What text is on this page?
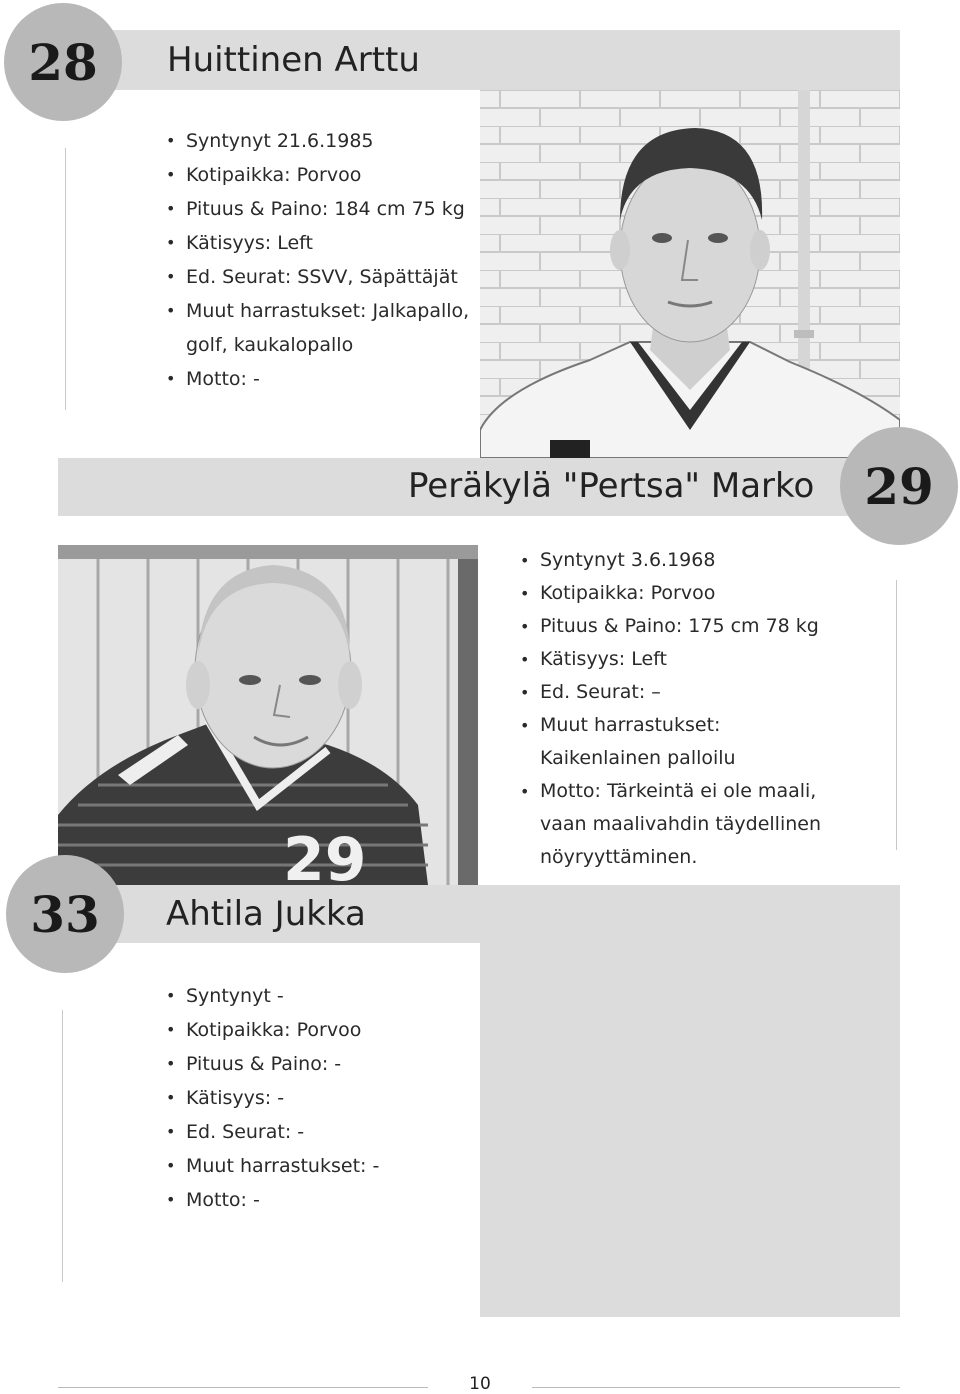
28 Huittinen Arttu
• Syntynyt 21.6.1985
• Kotipaikka: Porvoo
• Pituus & Paino: 184 cm 75 kg
• Kätisyys: Left
• Ed. Seurat: SSVV, Säpättäjät
• Muut harrastukset: Jalkapallo,
golf, kaukalopallo
• Motto: -
29
Peräkylä "Pertsa" Marko
• Syntynyt 3.6.1968
• Kotipaikka: Porvoo
• Pituus & Paino: 175 cm 78 kg
• Kätisyys: Left
• Ed. Seurat: –
• Muut harrastukset:
Kaikenlainen palloilu
• Motto: Tärkeintä ei ole maali,
vaan maalivahdin täydellinen
nöyryyttäminen.
29
33 Ahtila Jukka
• Syntynyt -
• Kotipaikka: Porvoo
• Pituus & Paino: -
• Kätisyys: -
• Ed. Seurat: -
• Muut harrastukset: -
• Motto: -
10
